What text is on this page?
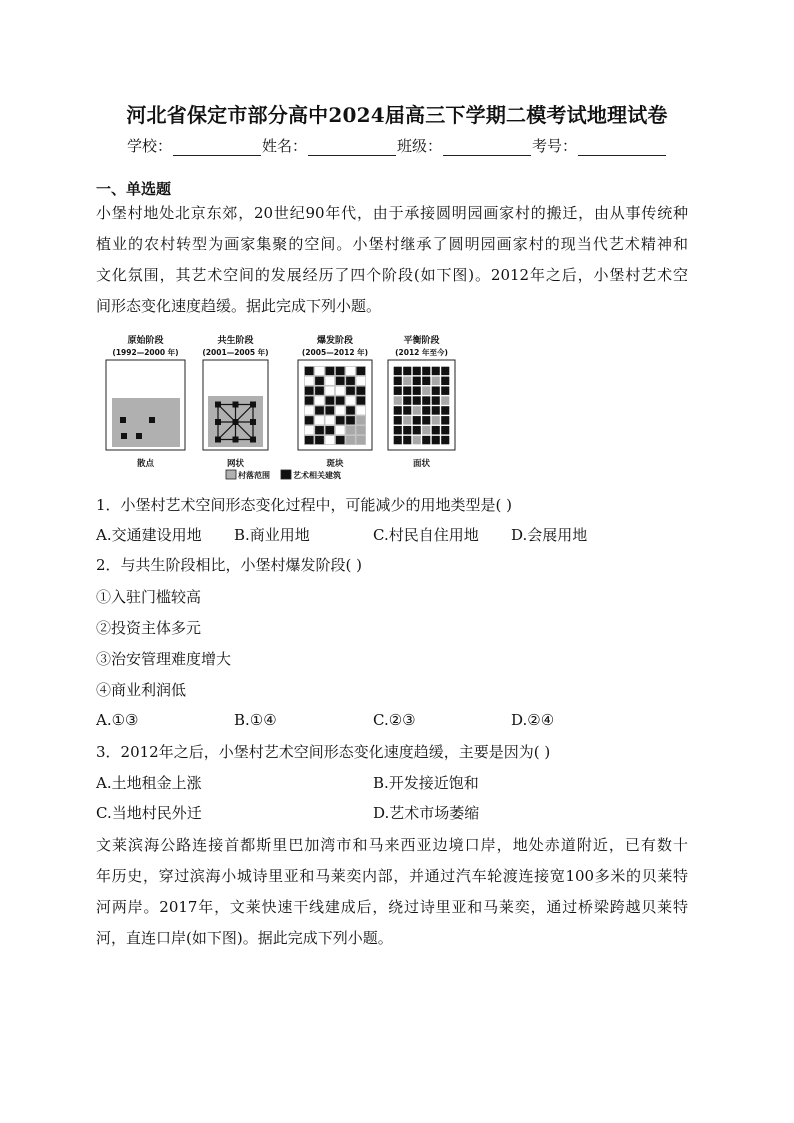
河北省保定市部分高中2024届高三下学期二模考试地理试卷
学校：	姓名：	班级：	考号：
一、单选题
小堡村地处北京东郊，20世纪90年代，由于承接圆明园画家村的搬迁，由从事传统种
植业的农村转型为画家集聚的空间。小堡村继承了圆明园画家村的现当代艺术精神和
文化氛围，其艺术空间的发展经历了四个阶段(如下图)。2012年之后，小堡村艺术空
间形态变化速度趋缓。据此完成下列小题。
原始阶段
(1992—2000 年)
散点
共生阶段
(2001—2005 年)
网状
爆发阶段
(2005—2012 年)
斑块
平衡阶段
(2012 年至今)
面状
村落范围	艺术相关建筑
1．小堡村艺术空间形态变化过程中，可能减少的用地类型是( )
A.交通建设用地	B.商业用地	C.村民自住用地	D.会展用地
2．与共生阶段相比，小堡村爆发阶段( )
①入驻门槛较高
②投资主体多元
③治安管理难度增大
④商业利润低
A.①③	B.①④	C.②③	D.②④
3．2012年之后，小堡村艺术空间形态变化速度趋缓，主要是因为( )
A.土地租金上涨	B.开发接近饱和
C.当地村民外迁	D.艺术市场萎缩
文莱滨海公路连接首都斯里巴加湾市和马来西亚边境口岸，地处赤道附近，已有数十
年历史，穿过滨海小城诗里亚和马莱奕内部，并通过汽车轮渡连接宽100多米的贝莱特
河两岸。2017年，文莱快速干线建成后，绕过诗里亚和马莱奕，通过桥梁跨越贝莱特
河，直连口岸(如下图)。据此完成下列小题。
